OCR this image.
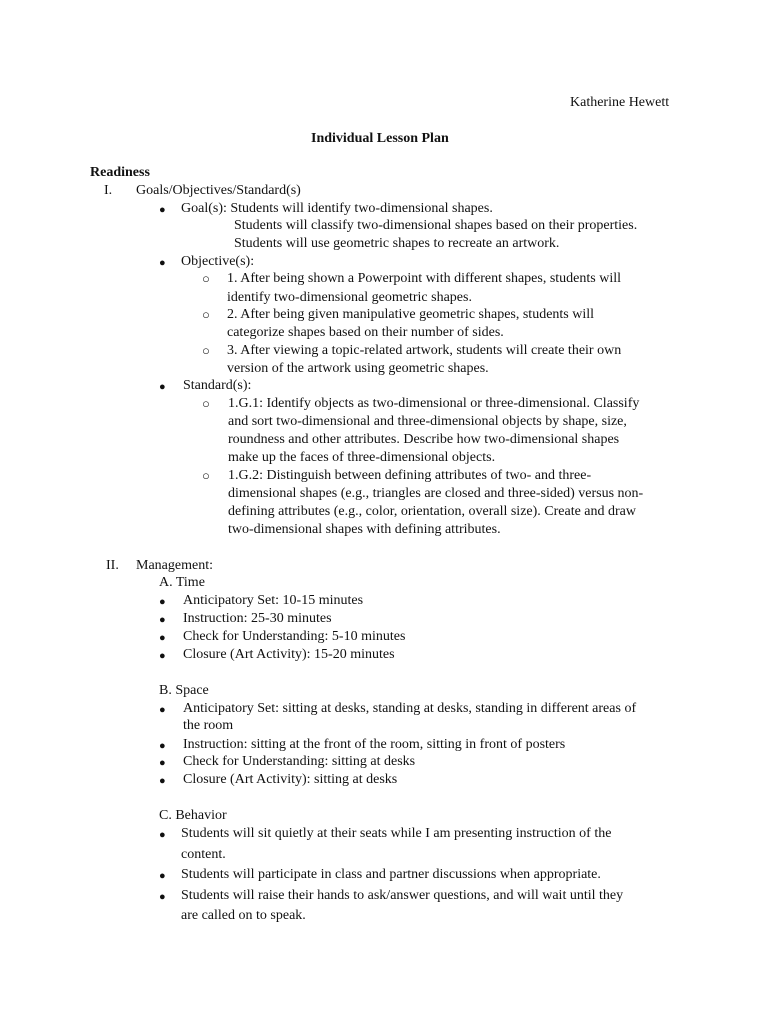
Katherine Hewett
Individual Lesson Plan
Readiness
I. Goals/Objectives/Standard(s)
● Goal(s): Students will identify two-dimensional shapes.
Students will classify two-dimensional shapes based on their properties.
Students will use geometric shapes to recreate an artwork.
● Objective(s):
○ 1. After being shown a Powerpoint with different shapes, students will
identify two-dimensional geometric shapes.
○ 2. After being given manipulative geometric shapes, students will
categorize shapes based on their number of sides.
○ 3. After viewing a topic-related artwork, students will create their own
version of the artwork using geometric shapes.
● Standard(s):
○ 1.G.1: Identify objects as two-dimensional or three-dimensional. Classify
and sort two-dimensional and three-dimensional objects by shape, size,
roundness and other attributes. Describe how two-dimensional shapes
make up the faces of three-dimensional objects.
○ 1.G.2: Distinguish between defining attributes of two- and three-
dimensional shapes (e.g., triangles are closed and three-sided) versus non-
defining attributes (e.g., color, orientation, overall size). Create and draw
two-dimensional shapes with defining attributes.
II. Management:
A. Time
● Anticipatory Set: 10-15 minutes
● Instruction: 25-30 minutes
● Check for Understanding: 5-10 minutes
● Closure (Art Activity): 15-20 minutes
B. Space
● Anticipatory Set: sitting at desks, standing at desks, standing in different areas of
the room
● Instruction: sitting at the front of the room, sitting in front of posters
● Check for Understanding: sitting at desks
● Closure (Art Activity): sitting at desks
C. Behavior
● Students will sit quietly at their seats while I am presenting instruction of the
content.
● Students will participate in class and partner discussions when appropriate.
● Students will raise their hands to ask/answer questions, and will wait until they
are called on to speak.
